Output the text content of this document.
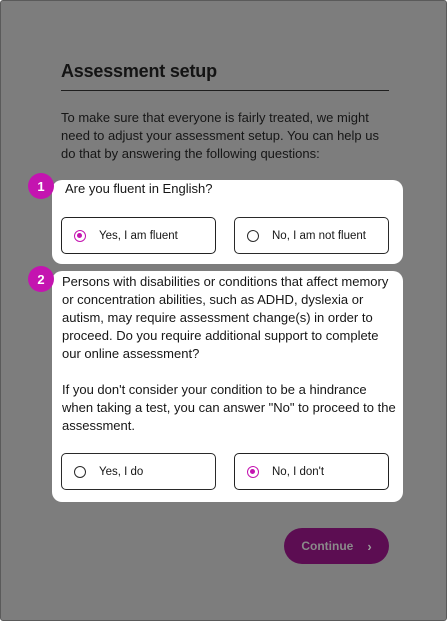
Assessment setup
To make sure that everyone is fairly treated, we might need to adjust your assessment setup. You can help us do that by answering the following questions:
1	Are you fluent in English?
Yes, I am fluent	No, I am not fluent
2	Persons with disabilities or conditions that affect memory or concentration abilities, such as ADHD, dyslexia or autism, may require assessment change(s) in order to proceed. Do you require additional support to complete our online assessment?
If you don't consider your condition to be a hindrance when taking a test, you can answer "No" to proceed to the assessment.
Yes, I do	No, I don't
Continue ›
